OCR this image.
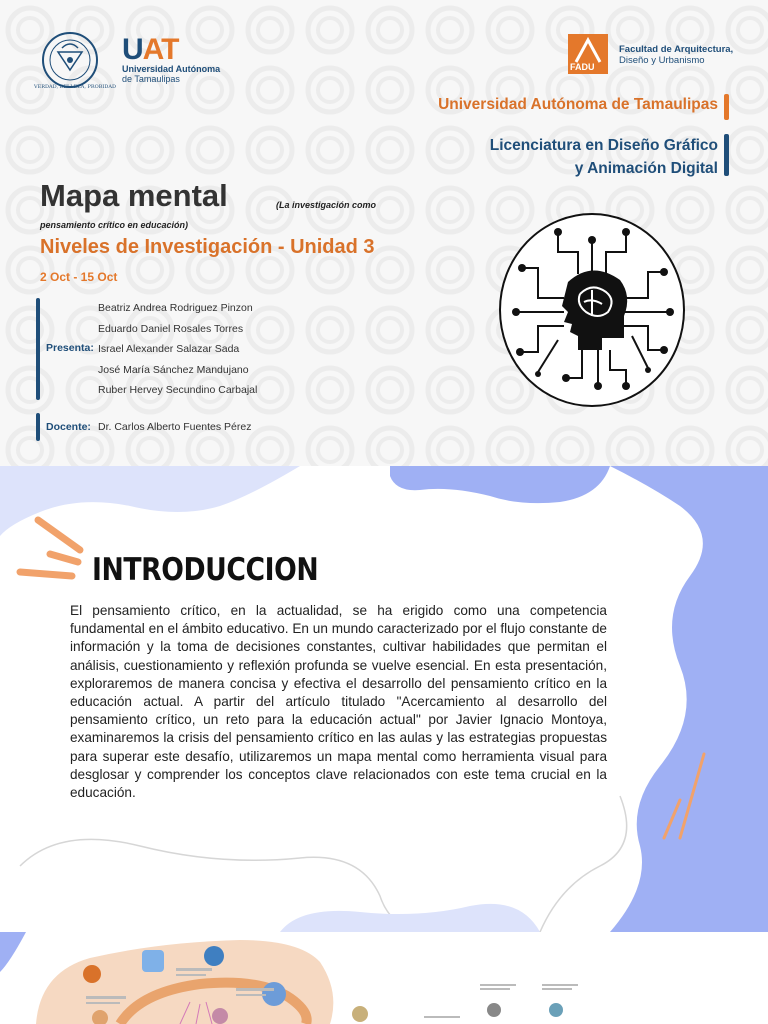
VERDAD, BELLEZA, PROBIDAD
UAT
Universidad Autónoma
de Tamaulipas
FADU
Facultad de Arquitectura,
Diseño y Urbanismo
Universidad Autónoma de Tamaulipas
Licenciatura en Diseño Gráfico
y Animación Digital
Mapa mental	(La investigación como
pensamiento crítico en educación)
Niveles de Investigación - Unidad 3
2 Oct - 15 Oct
Presenta:
Beatriz Andrea Rodriguez Pinzon
Eduardo Daniel Rosales Torres
Israel Alexander Salazar Sada
José María Sánchez Mandujano
Ruber Hervey Secundino Carbajal
Docente: Dr. Carlos Alberto Fuentes Pérez
INTRODUCCION
El pensamiento crítico, en la actualidad, se ha erigido como una competencia fundamental en el ámbito educativo. En un mundo caracterizado por el flujo constante de información y la toma de decisiones constantes, cultivar habilidades que permitan el análisis, cuestionamiento y reflexión profunda se vuelve esencial. En esta presentación, exploraremos de manera concisa y efectiva el desarrollo del pensamiento crítico en la educación actual. A partir del artículo titulado "Acercamiento al desarrollo del pensamiento crítico, un reto para la educación actual" por Javier Ignacio Montoya, examinaremos la crisis del pensamiento crítico en las aulas y las estrategias propuestas para superar este desafío, utilizaremos un mapa mental como herramienta visual para desglosar y comprender los conceptos clave relacionados con este tema crucial en la educación.
